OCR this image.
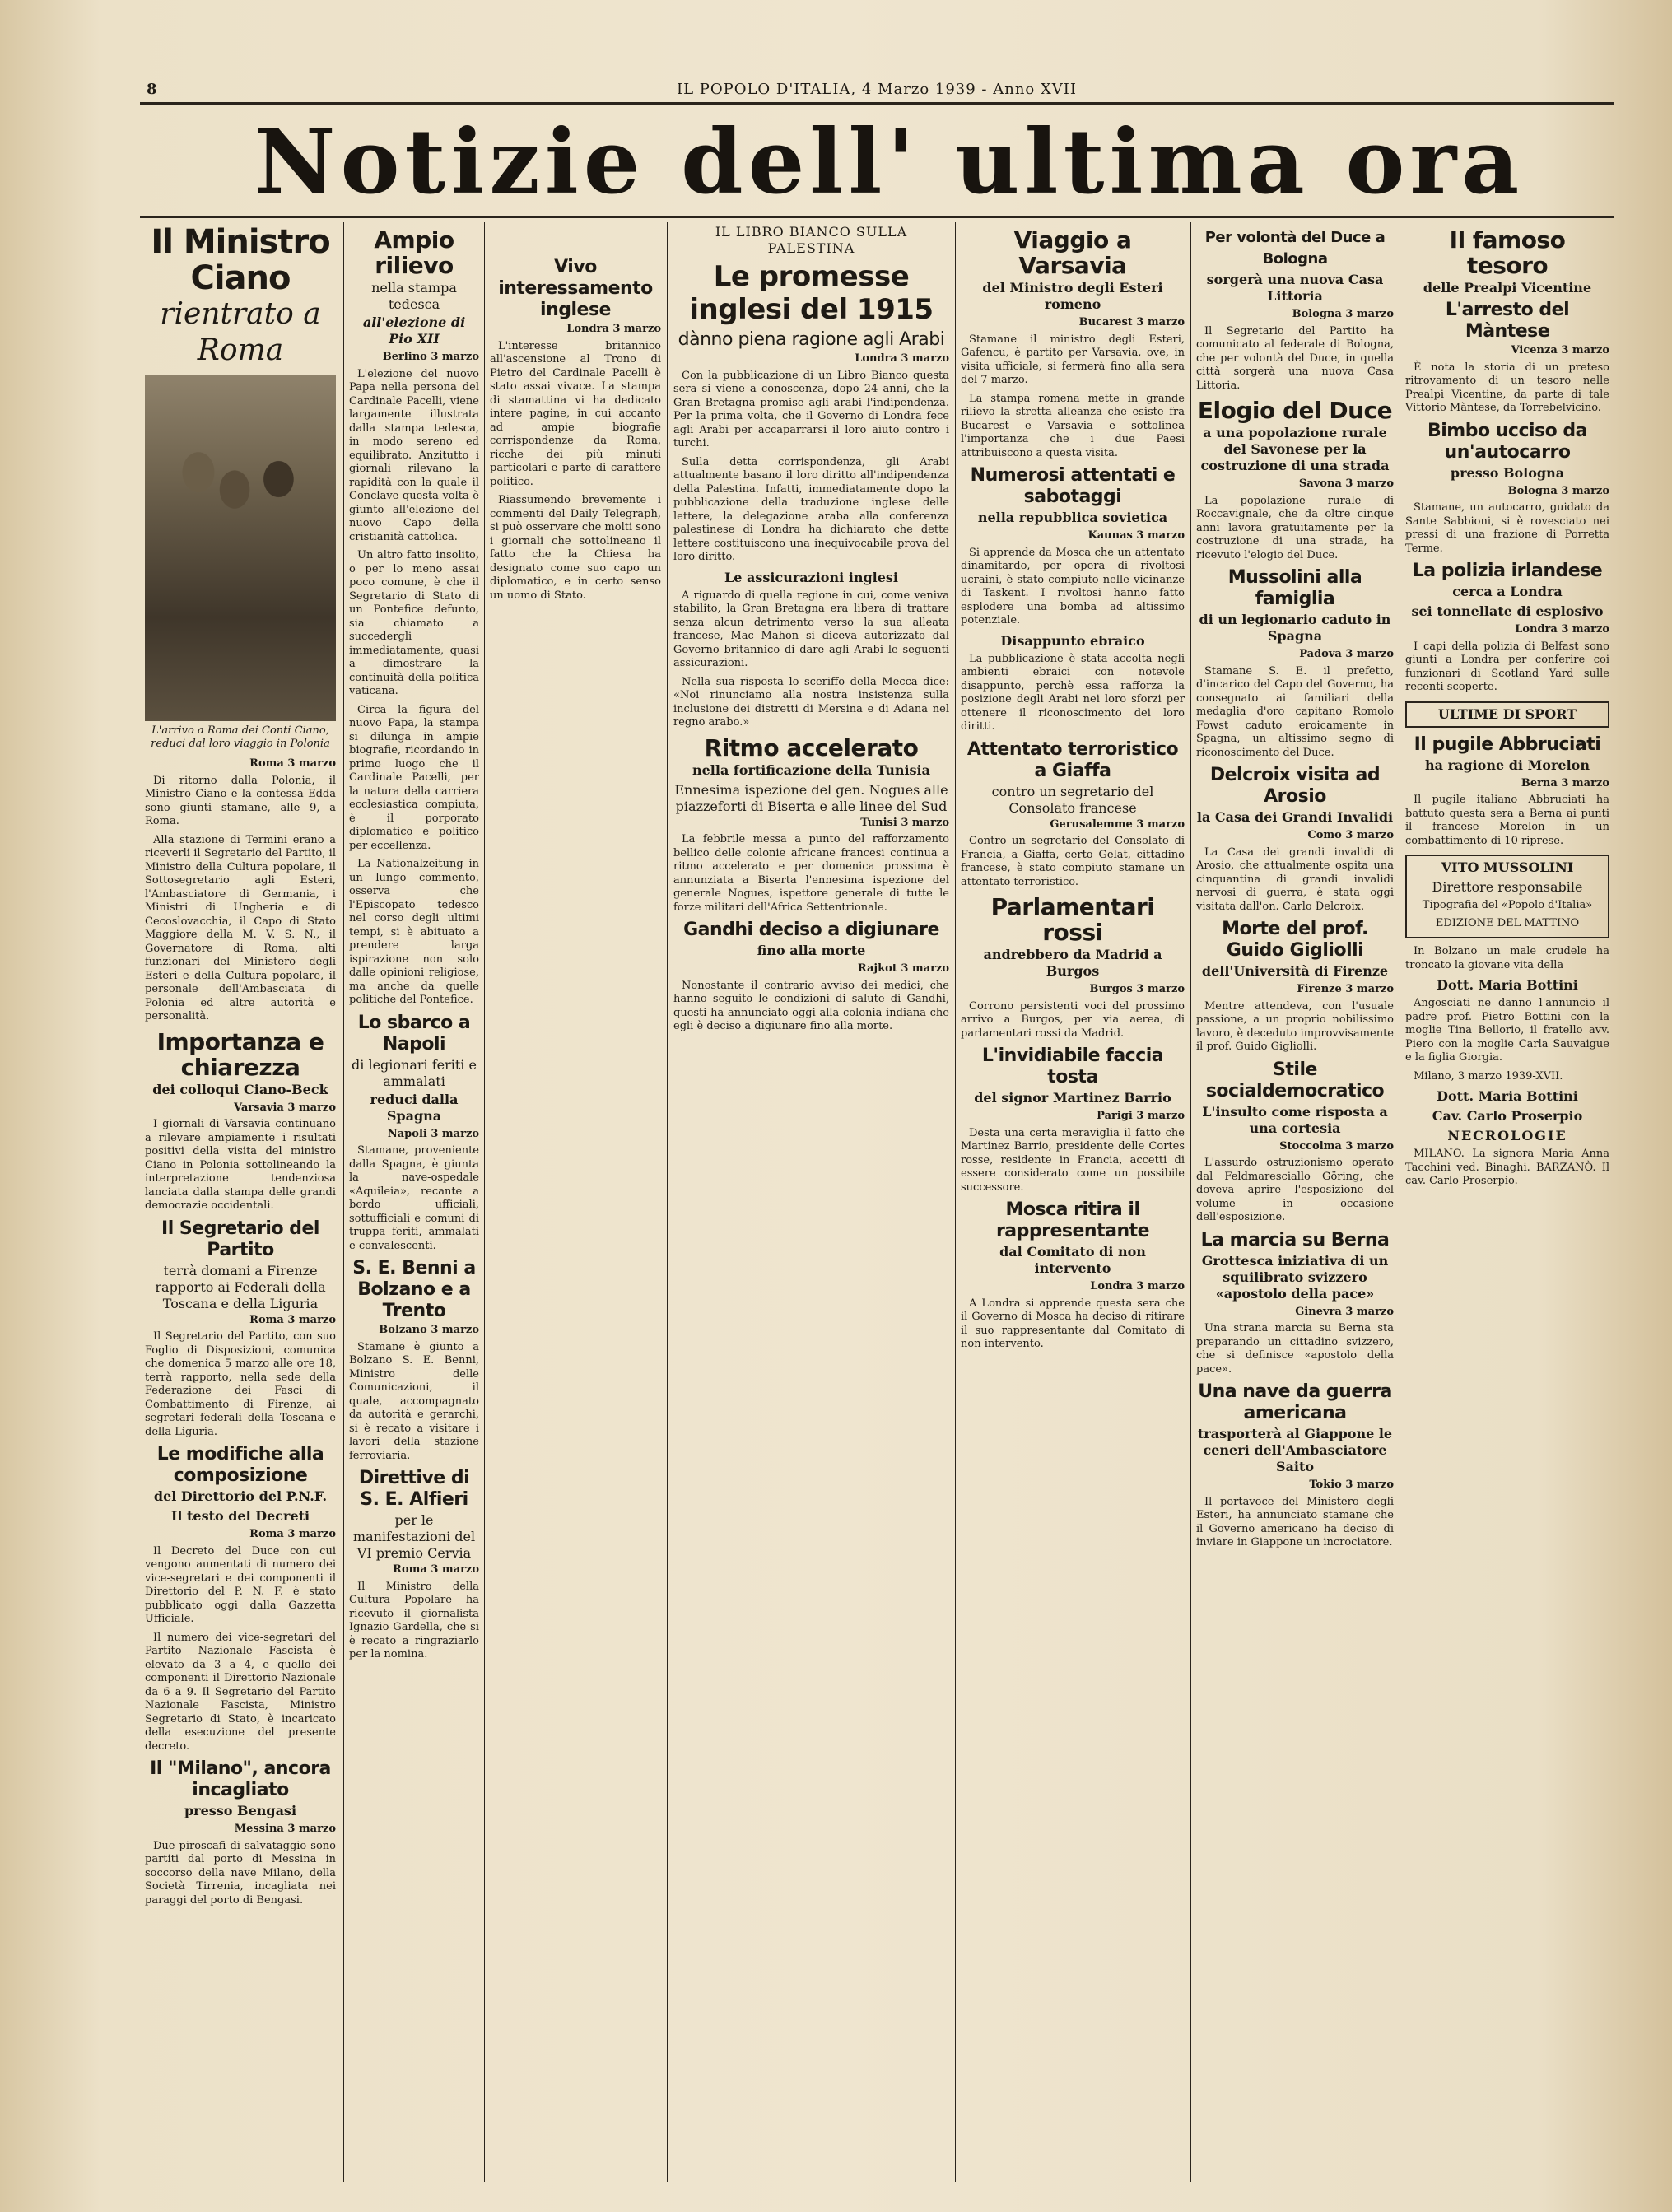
8	IL POPOLO D'ITALIA, 4 Marzo 1939 - Anno XVII
Notizie dell' ultima ora
Il Ministro Ciano
rientrato a Roma
L'arrivo a Roma dei Conti Ciano, reduci dal loro viaggio in Polonia
Roma 3 marzo

Di ritorno dalla Polonia, il Ministro Ciano e la contessa Edda sono giunti stamane, alle 9, a Roma.

Alla stazione di Termini erano a riceverli il Segretario del Partito, il Ministro della Cultura popolare, il Sottosegretario agli Esteri, l'Ambasciatore di Germania, i Ministri di Ungheria e di Cecoslovacchia, il Capo di Stato Maggiore della M. V. S. N., il Governatore di Roma, alti funzionari del Ministero degli Esteri e della Cultura popolare, il personale dell'Ambasciata di Polonia ed altre autorità e personalità.

Importanza e chiarezza
dei colloqui Ciano-Beck
Varsavia 3 marzo

I giornali di Varsavia continuano a rilevare ampiamente i risultati positivi della visita del ministro Ciano in Polonia sottolineando la interpretazione tendenziosa lanciata dalla stampa delle grandi democrazie occidentali.

Il Segretario del Partito
terrà domani a Firenze rapporto ai Federali della Toscana e della Liguria
Roma 3 marzo

Il Segretario del Partito, con suo Foglio di Disposizioni, comunica che domenica 5 marzo alle ore 18, terrà rapporto, nella sede della Federazione dei Fasci di Combattimento di Firenze, ai segretari federali della Toscana e della Liguria.

Le modifiche alla composizione
del Direttorio del P.N.F.
Il testo del Decreti
Roma 3 marzo

Il Decreto del Duce con cui vengono aumentati di numero dei vice-segretari e dei componenti il Direttorio del P. N. F. è stato pubblicato oggi dalla Gazzetta Ufficiale.

Il numero dei vice-segretari del Partito Nazionale Fascista è elevato da 3 a 4, e quello dei componenti il Direttorio Nazionale da 6 a 9. Il Segretario del Partito Nazionale Fascista, Ministro Segretario di Stato, è incaricato della esecuzione del presente decreto.

Il "Milano", ancora incagliato
presso Bengasi
Messina 3 marzo

Due piroscafi di salvataggio sono partiti dal porto di Messina in soccorso della nave Milano, della Società Tirrenia, incagliata nei paraggi del porto di Bengasi.

Ampio rilievo
nella stampa tedesca
all'elezione di Pio XII
Berlino 3 marzo

L'elezione del nuovo Papa nella persona del Cardinale Pacelli, viene largamente illustrata dalla stampa tedesca, in modo sereno ed equilibrato. Anzitutto i giornali rilevano la rapidità con la quale il Conclave questa volta è giunto all'elezione del nuovo Capo della cristianità cattolica.

Un altro fatto insolito, o per lo meno assai poco comune, è che il Segretario di Stato di un Pontefice defunto, sia chiamato a succedergli immediatamente, quasi a dimostrare la continuità della politica vaticana.

Circa la figura del nuovo Papa, la stampa si dilunga in ampie biografie, ricordando in primo luogo che il Cardinale Pacelli, per la natura della carriera ecclesiastica compiuta, è il porporato diplomatico e politico per eccellenza.

La Nationalzeitung in un lungo commento, osserva che l'Episcopato tedesco nel corso degli ultimi tempi, si è abituato a prendere larga ispirazione non solo dalle opinioni religiose, ma anche da quelle politiche del Pontefice.

Lo sbarco a Napoli
di legionari feriti e ammalati
reduci dalla Spagna
Napoli 3 marzo

Stamane, proveniente dalla Spagna, è giunta la nave-ospedale «Aquileia», recante a bordo ufficiali, sottufficiali e comuni di truppa feriti, ammalati e convalescenti.

S. E. Benni a Bolzano e a Trento
Bolzano 3 marzo

Stamane è giunto a Bolzano S. E. Benni, Ministro delle Comunicazioni, il quale, accompagnato da autorità e gerarchi, si è recato a visitare i lavori della stazione ferroviaria.

Direttive di S. E. Alfieri
per le manifestazioni del VI premio Cervia
Roma 3 marzo

Il Ministro della Cultura Popolare ha ricevuto il giornalista Ignazio Gardella, che si è recato a ringraziarlo per la nomina.

Vivo interessamento inglese
Londra 3 marzo

L'interesse britannico all'ascensione al Trono di Pietro del Cardinale Pacelli è stato assai vivace. La stampa di stamattina vi ha dedicato intere pagine, in cui accanto ad ampie biografie corrispondenze da Roma, ricche dei più minuti particolari e parte di carattere politico.

Riassumendo brevemente i commenti del Daily Telegraph, si può osservare che molti sono i giornali che sottolineano il fatto che la Chiesa ha designato come suo capo un diplomatico, e in certo senso un uomo di Stato.

IL LIBRO BIANCO SULLA PALESTINA
Le promesse inglesi del 1915
dànno piena ragione agli Arabi
Londra 3 marzo

Con la pubblicazione di un Libro Bianco questa sera si viene a conoscenza, dopo 24 anni, che la Gran Bretagna promise agli arabi l'indipendenza. Per la prima volta, che il Governo di Londra fece agli Arabi per accaparrarsi il loro aiuto contro i turchi.

Sulla detta corrispondenza, gli Arabi attualmente basano il loro diritto all'indipendenza della Palestina. Infatti, immediatamente dopo la pubblicazione della traduzione inglese delle lettere, la delegazione araba alla conferenza palestinese di Londra ha dichiarato che dette lettere costituiscono una inequivocabile prova del loro diritto.

Le assicurazioni inglesi

A riguardo di quella regione in cui, come veniva stabilito, la Gran Bretagna era libera di trattare senza alcun detrimento verso la sua alleata francese, Mac Mahon si diceva autorizzato dal Governo britannico di dare agli Arabi le seguenti assicurazioni.

Nella sua risposta lo sceriffo della Mecca dice: «Noi rinunciamo alla nostra insistenza sulla inclusione dei distretti di Mersina e di Adana nel regno arabo.»

Ritmo accelerato
nella fortificazione della Tunisia
Ennesima ispezione del gen. Nogues alle piazzeforti di Biserta e alle linee del Sud
Tunisi 3 marzo

La febbrile messa a punto del rafforzamento bellico delle colonie africane francesi continua a ritmo accelerato e per domenica prossima è annunziata a Biserta l'ennesima ispezione del generale Nogues, ispettore generale di tutte le forze militari dell'Africa Settentrionale.

Gandhi deciso a digiunare
fino alla morte
Rajkot 3 marzo

Nonostante il contrario avviso dei medici, che hanno seguito le condizioni di salute di Gandhi, questi ha annunciato oggi alla colonia indiana che egli è deciso a digiunare fino alla morte.

Viaggio a Varsavia
del Ministro degli Esteri romeno
Bucarest 3 marzo

Stamane il ministro degli Esteri, Gafencu, è partito per Varsavia, ove, in visita ufficiale, si fermerà fino alla sera del 7 marzo.

La stampa romena mette in grande rilievo la stretta alleanza che esiste fra Bucarest e Varsavia e sottolinea l'importanza che i due Paesi attribuiscono a questa visita.

Numerosi attentati e sabotaggi
nella repubblica sovietica
Kaunas 3 marzo

Si apprende da Mosca che un attentato dinamitardo, per opera di rivoltosi ucraini, è stato compiuto nelle vicinanze di Taskent. I rivoltosi hanno fatto esplodere una bomba ad altissimo potenziale.

Disappunto ebraico

La pubblicazione è stata accolta negli ambienti ebraici con notevole disappunto, perchè essa rafforza la posizione degli Arabi nei loro sforzi per ottenere il riconoscimento dei loro diritti.

Attentato terroristico a Giaffa
contro un segretario del Consolato francese
Gerusalemme 3 marzo

Contro un segretario del Consolato di Francia, a Giaffa, certo Gelat, cittadino francese, è stato compiuto stamane un attentato terroristico.

Parlamentari rossi
andrebbero da Madrid a Burgos
Burgos 3 marzo

Corrono persistenti voci del prossimo arrivo a Burgos, per via aerea, di parlamentari rossi da Madrid.

L'invidiabile faccia tosta
del signor Martinez Barrio
Parigi 3 marzo

Desta una certa meraviglia il fatto che Martinez Barrio, presidente delle Cortes rosse, residente in Francia, accetti di essere considerato come un possibile successore.

Mosca ritira il rappresentante
dal Comitato di non intervento
Londra 3 marzo

A Londra si apprende questa sera che il Governo di Mosca ha deciso di ritirare il suo rappresentante dal Comitato di non intervento.

Per volontà del Duce a Bologna
sorgerà una nuova Casa Littoria
Bologna 3 marzo

Il Segretario del Partito ha comunicato al federale di Bologna, che per volontà del Duce, in quella città sorgerà una nuova Casa Littoria.

Elogio del Duce
a una popolazione rurale del Savonese per la costruzione di una strada
Savona 3 marzo

La popolazione rurale di Roccavignale, che da oltre cinque anni lavora gratuitamente per la costruzione di una strada, ha ricevuto l'elogio del Duce.

Mussolini alla famiglia
di un legionario caduto in Spagna
Padova 3 marzo

Stamane S. E. il prefetto, d'incarico del Capo del Governo, ha consegnato ai familiari della medaglia d'oro capitano Romolo Fowst caduto eroicamente in Spagna, un altissimo segno di riconoscimento del Duce.

Delcroix visita ad Arosio
la Casa dei Grandi Invalidi
Como 3 marzo

La Casa dei grandi invalidi di Arosio, che attualmente ospita una cinquantina di grandi invalidi nervosi di guerra, è stata oggi visitata dall'on. Carlo Delcroix.

Morte del prof. Guido Gigliolli
dell'Università di Firenze
Firenze 3 marzo

Mentre attendeva, con l'usuale passione, a un proprio nobilissimo lavoro, è deceduto improvvisamente il prof. Guido Gigliolli.

Stile socialdemocratico
L'insulto come risposta a una cortesia
Stoccolma 3 marzo

L'assurdo ostruzionismo operato dal Feldmaresciallo Göring, che doveva aprire l'esposizione del volume in occasione dell'esposizione.

La marcia su Berna
Grottesca iniziativa di un squilibrato svizzero «apostolo della pace»
Ginevra 3 marzo

Una strana marcia su Berna sta preparando un cittadino svizzero, che si definisce «apostolo della pace».

Una nave da guerra americana
trasporterà al Giappone le ceneri dell'Ambasciatore Saito
Tokio 3 marzo

Il portavoce del Ministero degli Esteri, ha annunciato stamane che il Governo americano ha deciso di inviare in Giappone un incrociatore.

Il famoso tesoro
delle Prealpi Vicentine
L'arresto del Màntese
Vicenza 3 marzo

È nota la storia di un preteso ritrovamento di un tesoro nelle Prealpi Vicentine, da parte di tale Vittorio Màntese, da Torrebelvicino.

Bimbo ucciso da un'autocarro
presso Bologna
Bologna 3 marzo

Stamane, un autocarro, guidato da Sante Sabbioni, si è rovesciato nei pressi di una frazione di Porretta Terme.

La polizia irlandese
cerca a Londra
sei tonnellate di esplosivo
Londra 3 marzo

I capi della polizia di Belfast sono giunti a Londra per conferire coi funzionari di Scotland Yard sulle recenti scoperte.

ULTIME DI SPORT
Il pugile Abbruciati
ha ragione di Morelon
Berna 3 marzo

Il pugile italiano Abbruciati ha battuto questa sera a Berna ai punti il francese Morelon in un combattimento di 10 riprese.

VITO MUSSOLINI
Direttore responsabile
Tipografia del «Popolo d'Italia»
EDIZIONE DEL MATTINO

In Bolzano un male crudele ha troncato la giovane vita della

Dott. Maria Bottini

Angosciati ne danno l'annuncio il padre prof. Pietro Bottini con la moglie Tina Bellorio, il fratello avv. Piero con la moglie Carla Sauvaigue e la figlia Giorgia.

Milano, 3 marzo 1939-XVII.

Dott. Maria Bottini
Cav. Carlo Proserpio
NECROLOGIE

MILANO. La signora Maria Anna Tacchini ved. Binaghi. BARZANÒ. Il cav. Carlo Proserpio.
